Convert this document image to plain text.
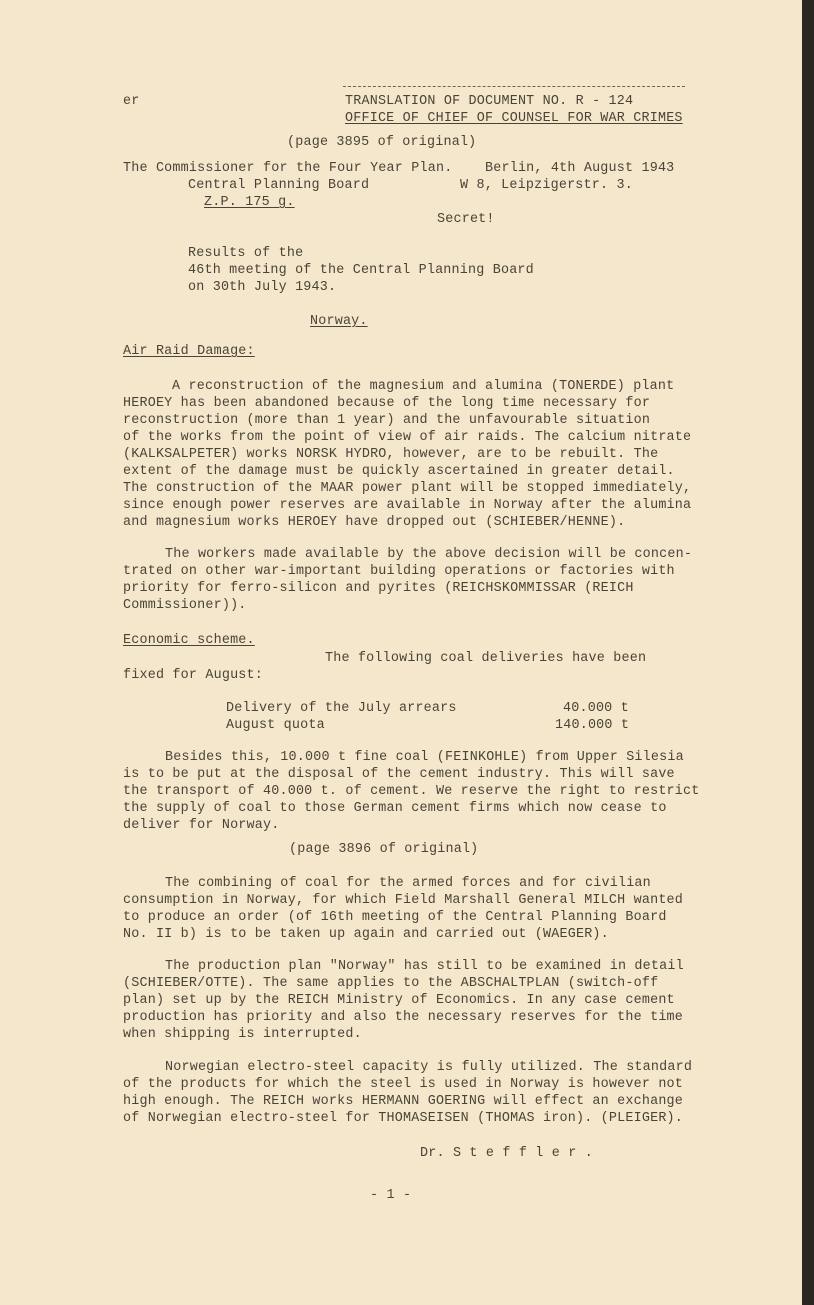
er	TRANSLATION OF DOCUMENT NO. R - 124
OFFICE OF CHIEF OF COUNSEL FOR WAR CRIMES
(page 3895 of original)
The Commissioner for the Four Year Plan. Berlin, 4th August 1943
Central Planning Board	W 8, Leipzigerstr. 3.
Z.P. 175 g.
Secret!
Results of the
46th meeting of the Central Planning Board
on 30th July 1943.
Norway.
Air Raid Damage:
A reconstruction of the magnesium and alumina (TONERDE) plant
HEROEY has been abandoned because of the long time necessary for
reconstruction (more than 1 year) and the unfavourable situation
of the works from the point of view of air raids. The calcium nitrate
(KALKSALPETER) works NORSK HYDRO, however, are to be rebuilt. The
extent of the damage must be quickly ascertained in greater detail.
The construction of the MAAR power plant will be stopped immediately,
since enough power reserves are available in Norway after the alumina
and magnesium works HEROEY have dropped out (SCHIEBER/HENNE).
The workers made available by the above decision will be concen-
trated on other war-important building operations or factories with
priority for ferro-silicon and pyrites (REICHSKOMMISSAR (REICH
Commissioner)).
Economic scheme.
The following coal deliveries have been
fixed for August:
Delivery of the July arrears	40.000 t
August quota	140.000 t
Besides this, 10.000 t fine coal (FEINKOHLE) from Upper Silesia
is to be put at the disposal of the cement industry. This will save
the transport of 40.000 t. of cement. We reserve the right to restrict
the supply of coal to those German cement firms which now cease to
deliver for Norway.
(page 3896 of original)
The combining of coal for the armed forces and for civilian
consumption in Norway, for which Field Marshall General MILCH wanted
to produce an order (of 16th meeting of the Central Planning Board
No. II b) is to be taken up again and carried out (WAEGER).
The production plan "Norway" has still to be examined in detail
(SCHIEBER/OTTE). The same applies to the ABSCHALTPLAN (switch-off
plan) set up by the REICH Ministry of Economics. In any case cement
production has priority and also the necessary reserves for the time
when shipping is interrupted.
Norwegian electro-steel capacity is fully utilized. The standard
of the products for which the steel is used in Norway is however not
high enough. The REICH works HERMANN GOERING will effect an exchange
of Norwegian electro-steel for THOMASEISEN (THOMAS iron). (PLEIGER).
Dr. S t e f f l e r .
- 1 -
